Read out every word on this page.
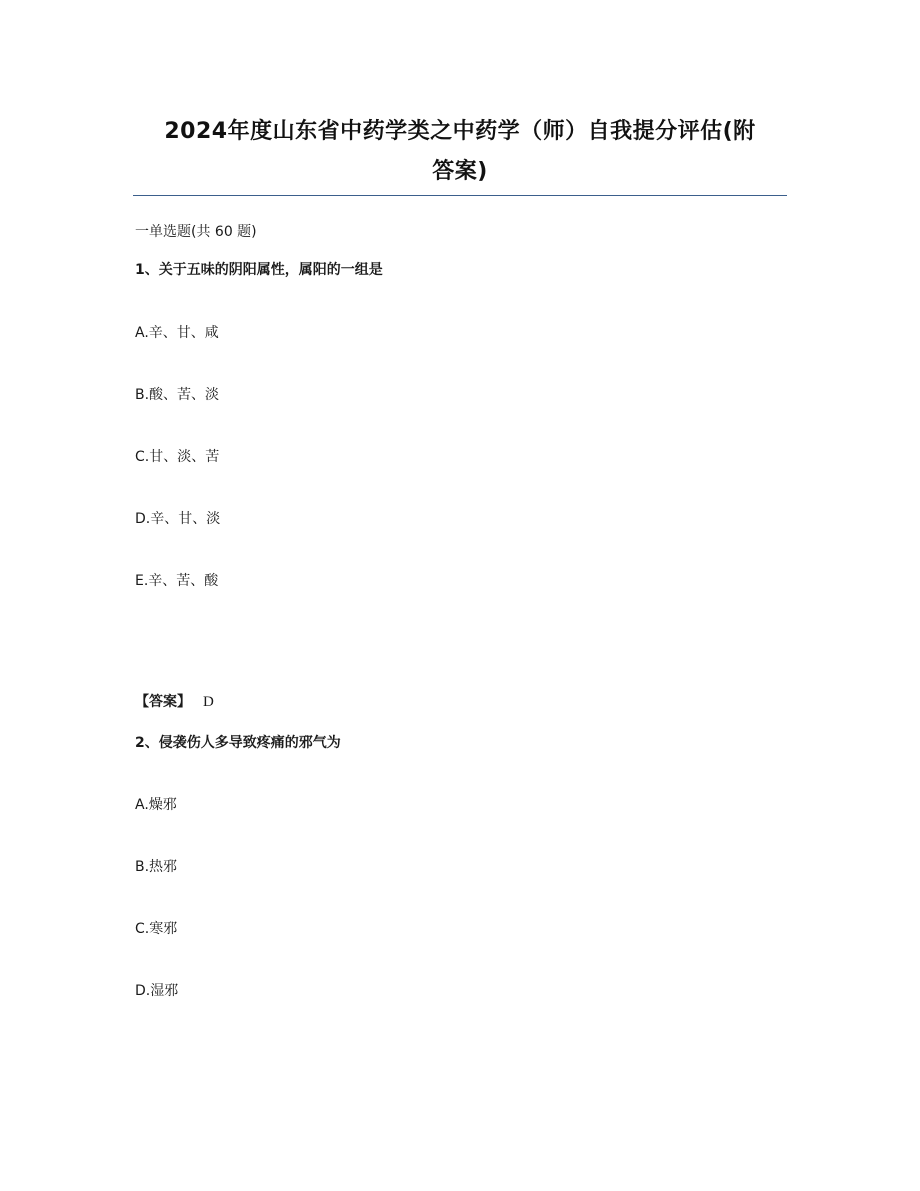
2024年度山东省中药学类之中药学（师）自我提分评估(附
答案)
一单选题(共 60 题)
1、关于五味的阴阳属性，属阳的一组是
A.辛、甘、咸
B.酸、苦、淡
C.甘、淡、苦
D.辛、甘、淡
E.辛、苦、酸
【答案】 D
2、侵袭伤人多导致疼痛的邪气为
A.燥邪
B.热邪
C.寒邪
D.湿邪
